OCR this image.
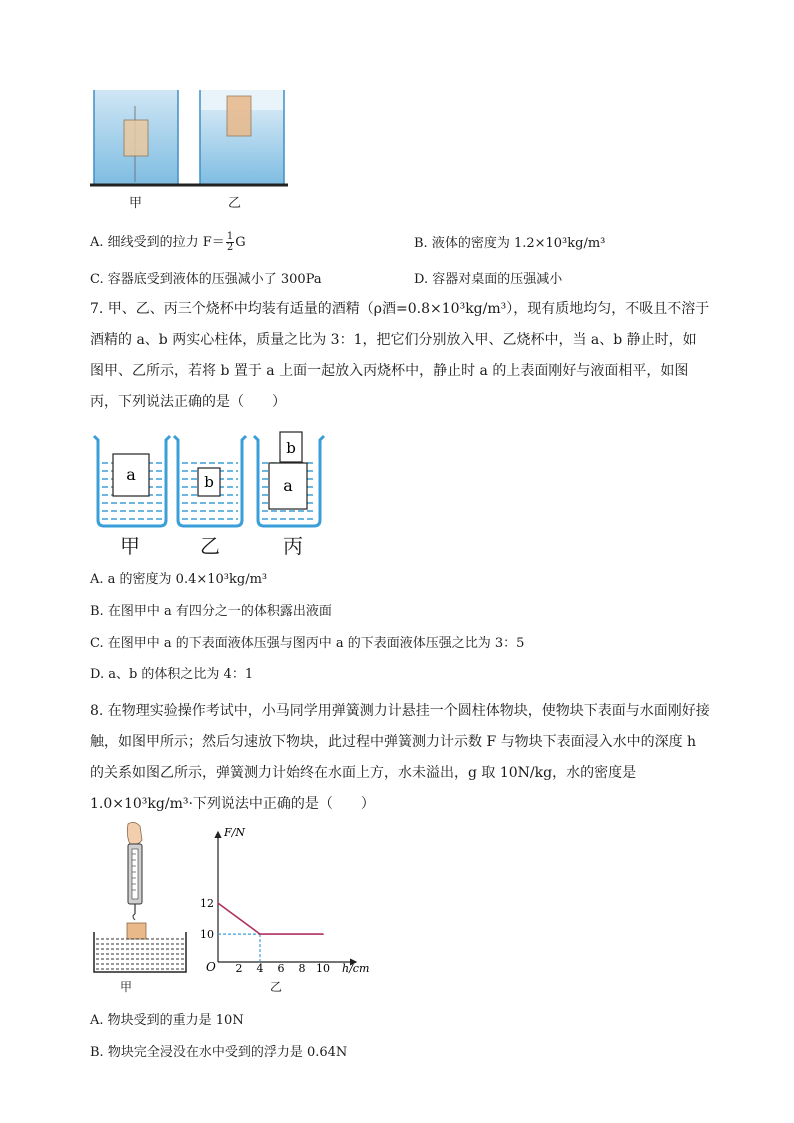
甲	乙
A. 细线受到的拉力 $F= \frac{1}{2}$ G	B. 液体的密度为 1.2×10³kg/m³
C. 容器底受到液体的压强减小了 300Pa	D. 容器对桌面的压强减小
7. 甲、乙、丙三个烧杯中均装有适量的酒精（ρ酒=0.8×10³kg/m³），现有质地均匀，不吸且不溶于酒精的 a、b 两实心柱体，质量之比为 3：1，把它们分别放入甲、乙烧杯中，当 a、b 静止时，如图甲、乙所示，若将 b 置于 a 上面一起放入丙烧杯中，静止时 a 的上表面刚好与液面相平，如图丙，下列说法正确的是（　　）
a	b	a
b
甲	乙	丙
A. a 的密度为 0.4×10³kg/m³
B. 在图甲中 a 有四分之一的体积露出液面
C. 在图甲中 a 的下表面液体压强与图丙中 a 的下表面液体压强之比为 3：5
D. a、b 的体积之比为 4：1
8. 在物理实验操作考试中，小马同学用弹簧测力计悬挂一个圆柱体物块，使物块下表面与水面刚好接触，如图甲所示；然后匀速放下物块，此过程中弹簧测力计示数 F 与物块下表面浸入水中的深度 h 的关系如图乙所示，弹簧测力计始终在水面上方，水未溢出，g 取 10N/kg，水的密度是 1.0×10³kg/m³·下列说法中正确的是（　　）
甲
F/N
h/cm
O 2 4 6 8 10
12
10
乙
A. 物块受到的重力是 10N
B. 物块完全浸没在水中受到的浮力是 0.64N
